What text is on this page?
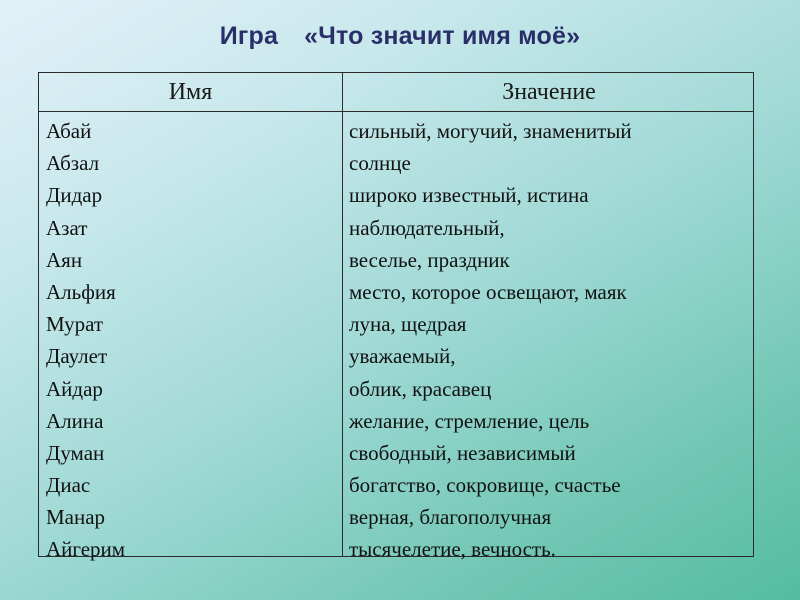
Игра «Что значит имя моё»
Имя	Значение
Абай
Абзал
Дидар
Азат
Аян
Альфия
Мурат
Даулет
Айдар
Алина
Думан
Диас
Манар
Айгерим
сильный, могучий, знаменитый
солнце
широко известный, истина
наблюдательный,
веселье, праздник
место, которое освещают, маяк
луна, щедрая
уважаемый,
облик, красавец
желание, стремление, цель
свободный, независимый
богатство, сокровище, счастье
верная, благополучная
тысячелетие, вечность.
